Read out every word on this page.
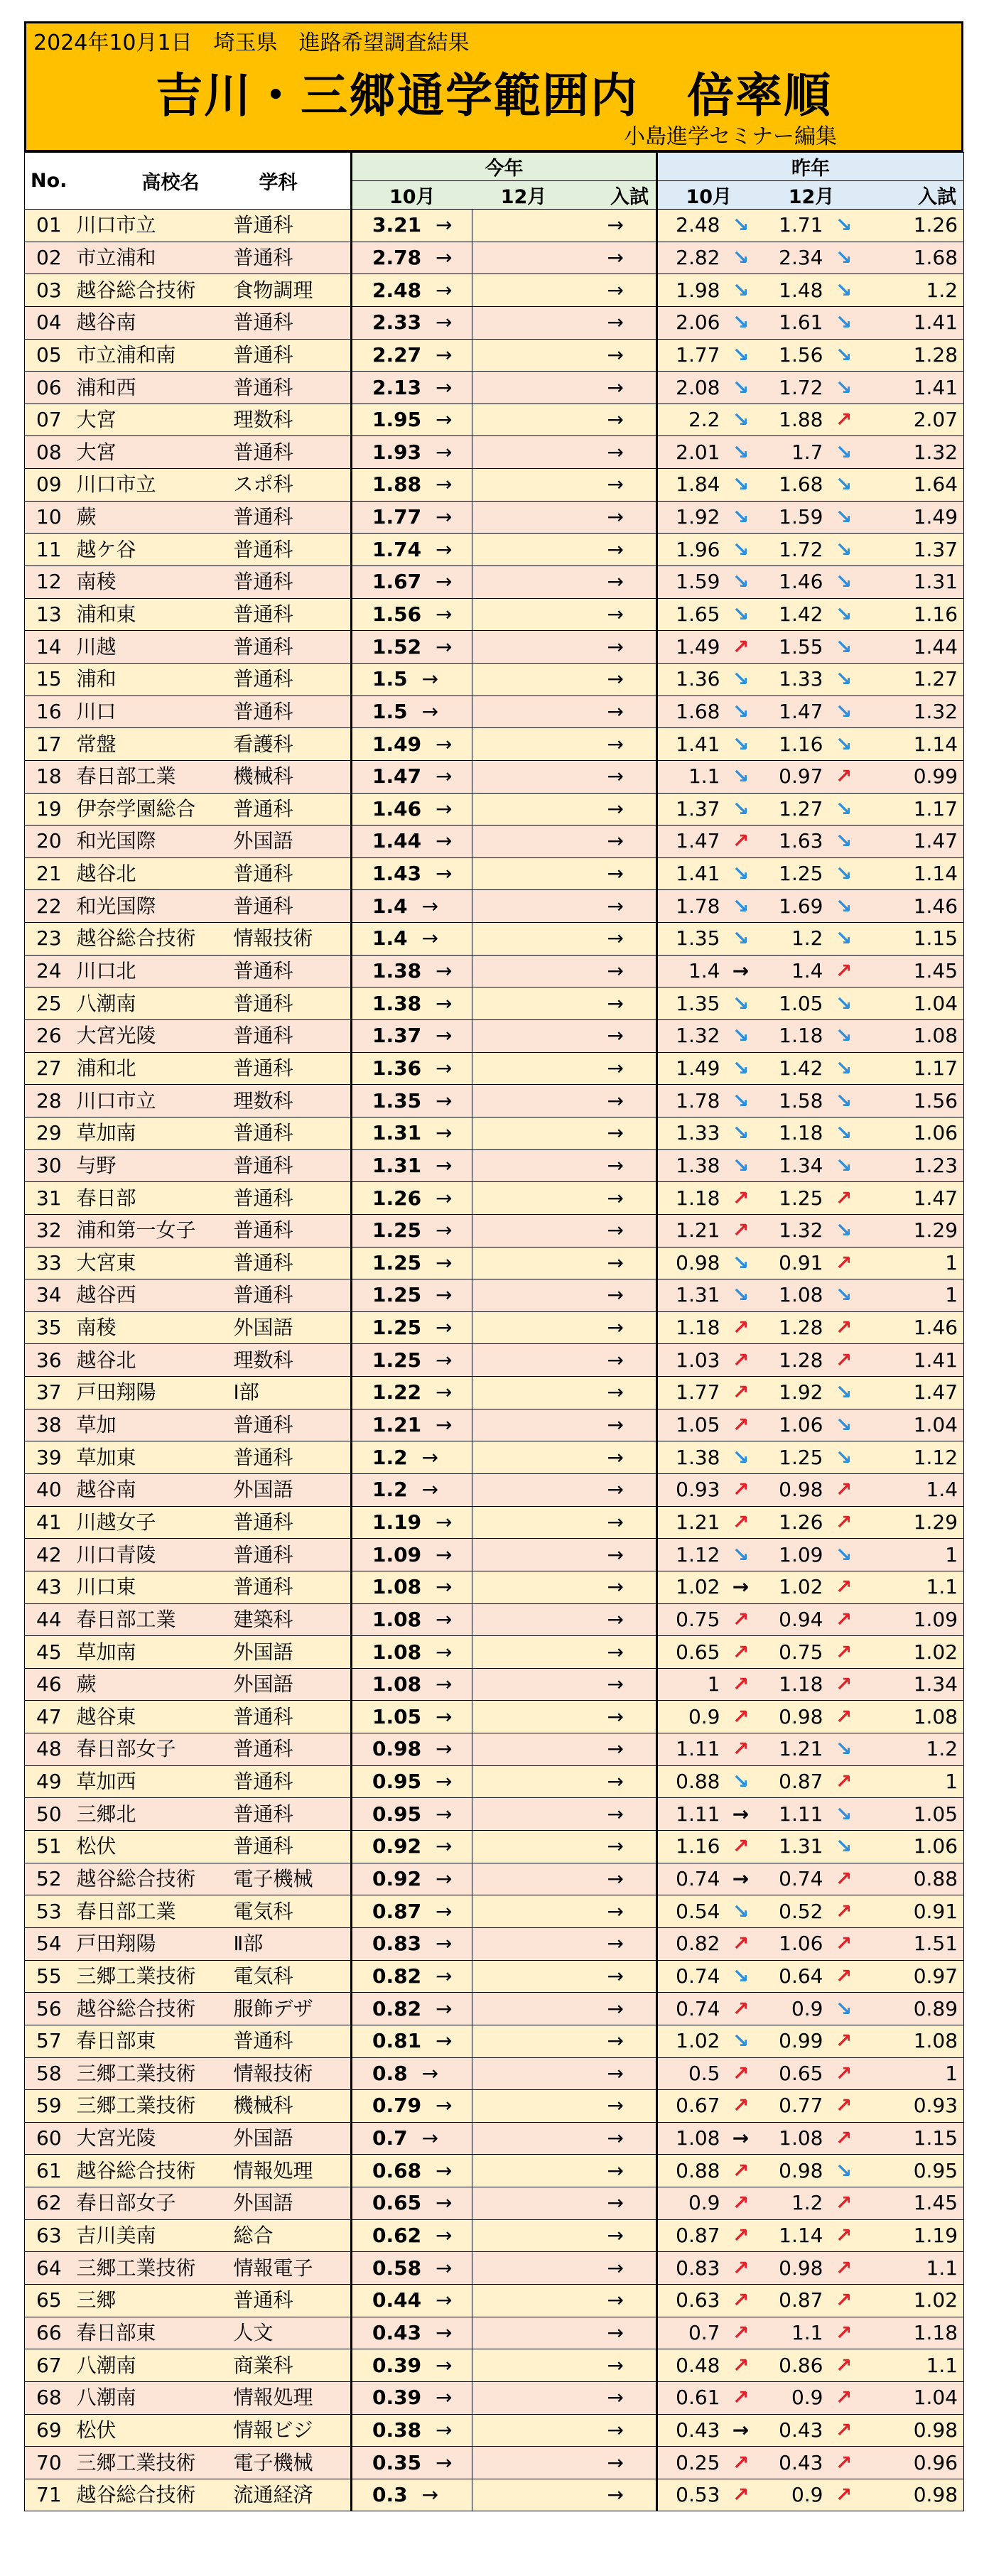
2024年10月1日　埼玉県　進路希望調査結果
吉川・三郷通学範囲内　倍率順
小島進学セミナー編集
No.	高校名	学科	今年			昨年		
			10月	12月	入試	10月	12月	入試
01	川口市立	普通科	3.21 →		→	2.48 ↘	1.71 ↘	1.26
02	市立浦和	普通科	2.78 →		→	2.82 ↘	2.34 ↘	1.68
03	越谷総合技術	食物調理	2.48 →		→	1.98 ↘	1.48 ↘	1.2
04	越谷南	普通科	2.33 →		→	2.06 ↘	1.61 ↘	1.41
05	市立浦和南	普通科	2.27 →		→	1.77 ↘	1.56 ↘	1.28
06	浦和西	普通科	2.13 →		→	2.08 ↘	1.72 ↘	1.41
07	大宮	理数科	1.95 →		→	2.2 ↘	1.88 ↗	2.07
08	大宮	普通科	1.93 →		→	2.01 ↘	1.7 ↘	1.32
09	川口市立	スポ科	1.88 →		→	1.84 ↘	1.68 ↘	1.64
10	蕨	普通科	1.77 →		→	1.92 ↘	1.59 ↘	1.49
11	越ケ谷	普通科	1.74 →		→	1.96 ↘	1.72 ↘	1.37
12	南稜	普通科	1.67 →		→	1.59 ↘	1.46 ↘	1.31
13	浦和東	普通科	1.56 →		→	1.65 ↘	1.42 ↘	1.16
14	川越	普通科	1.52 →		→	1.49 ↗	1.55 ↘	1.44
15	浦和	普通科	1.5 →		→	1.36 ↘	1.33 ↘	1.27
16	川口	普通科	1.5 →		→	1.68 ↘	1.47 ↘	1.32
17	常盤	看護科	1.49 →		→	1.41 ↘	1.16 ↘	1.14
18	春日部工業	機械科	1.47 →		→	1.1 ↘	0.97 ↗	0.99
19	伊奈学園総合	普通科	1.46 →		→	1.37 ↘	1.27 ↘	1.17
20	和光国際	外国語	1.44 →		→	1.47 ↗	1.63 ↘	1.47
21	越谷北	普通科	1.43 →		→	1.41 ↘	1.25 ↘	1.14
22	和光国際	普通科	1.4 →		→	1.78 ↘	1.69 ↘	1.46
23	越谷総合技術	情報技術	1.4 →		→	1.35 ↘	1.2 ↘	1.15
24	川口北	普通科	1.38 →		→	1.4 →	1.4 ↗	1.45
25	八潮南	普通科	1.38 →		→	1.35 ↘	1.05 ↘	1.04
26	大宮光陵	普通科	1.37 →		→	1.32 ↘	1.18 ↘	1.08
27	浦和北	普通科	1.36 →		→	1.49 ↘	1.42 ↘	1.17
28	川口市立	理数科	1.35 →		→	1.78 ↘	1.58 ↘	1.56
29	草加南	普通科	1.31 →		→	1.33 ↘	1.18 ↘	1.06
30	与野	普通科	1.31 →		→	1.38 ↘	1.34 ↘	1.23
31	春日部	普通科	1.26 →		→	1.18 ↗	1.25 ↗	1.47
32	浦和第一女子	普通科	1.25 →		→	1.21 ↗	1.32 ↘	1.29
33	大宮東	普通科	1.25 →		→	0.98 ↘	0.91 ↗	1
34	越谷西	普通科	1.25 →		→	1.31 ↘	1.08 ↘	1
35	南稜	外国語	1.25 →		→	1.18 ↗	1.28 ↗	1.46
36	越谷北	理数科	1.25 →		→	1.03 ↗	1.28 ↗	1.41
37	戸田翔陽	Ⅰ部	1.22 →		→	1.77 ↗	1.92 ↘	1.47
38	草加	普通科	1.21 →		→	1.05 ↗	1.06 ↘	1.04
39	草加東	普通科	1.2 →		→	1.38 ↘	1.25 ↘	1.12
40	越谷南	外国語	1.2 →		→	0.93 ↗	0.98 ↗	1.4
41	川越女子	普通科	1.19 →		→	1.21 ↗	1.26 ↗	1.29
42	川口青陵	普通科	1.09 →		→	1.12 ↘	1.09 ↘	1
43	川口東	普通科	1.08 →		→	1.02 →	1.02 ↗	1.1
44	春日部工業	建築科	1.08 →		→	0.75 ↗	0.94 ↗	1.09
45	草加南	外国語	1.08 →		→	0.65 ↗	0.75 ↗	1.02
46	蕨	外国語	1.08 →		→	1 ↗	1.18 ↗	1.34
47	越谷東	普通科	1.05 →		→	0.9 ↗	0.98 ↗	1.08
48	春日部女子	普通科	0.98 →		→	1.11 ↗	1.21 ↘	1.2
49	草加西	普通科	0.95 →		→	0.88 ↘	0.87 ↗	1
50	三郷北	普通科	0.95 →		→	1.11 →	1.11 ↘	1.05
51	松伏	普通科	0.92 →		→	1.16 ↗	1.31 ↘	1.06
52	越谷総合技術	電子機械	0.92 →		→	0.74 →	0.74 ↗	0.88
53	春日部工業	電気科	0.87 →		→	0.54 ↘	0.52 ↗	0.91
54	戸田翔陽	Ⅱ部	0.83 →		→	0.82 ↗	1.06 ↗	1.51
55	三郷工業技術	電気科	0.82 →		→	0.74 ↘	0.64 ↗	0.97
56	越谷総合技術	服飾デザ	0.82 →		→	0.74 ↗	0.9 ↘	0.89
57	春日部東	普通科	0.81 →		→	1.02 ↘	0.99 ↗	1.08
58	三郷工業技術	情報技術	0.8 →		→	0.5 ↗	0.65 ↗	1
59	三郷工業技術	機械科	0.79 →		→	0.67 ↗	0.77 ↗	0.93
60	大宮光陵	外国語	0.7 →		→	1.08 →	1.08 ↗	1.15
61	越谷総合技術	情報処理	0.68 →		→	0.88 ↗	0.98 ↘	0.95
62	春日部女子	外国語	0.65 →		→	0.9 ↗	1.2 ↗	1.45
63	吉川美南	総合	0.62 →		→	0.87 ↗	1.14 ↗	1.19
64	三郷工業技術	情報電子	0.58 →		→	0.83 ↗	0.98 ↗	1.1
65	三郷	普通科	0.44 →		→	0.63 ↗	0.87 ↗	1.02
66	春日部東	人文	0.43 →		→	0.7 ↗	1.1 ↗	1.18
67	八潮南	商業科	0.39 →		→	0.48 ↗	0.86 ↗	1.1
68	八潮南	情報処理	0.39 →		→	0.61 ↗	0.9 ↗	1.04
69	松伏	情報ビジ	0.38 →		→	0.43 →	0.43 ↗	0.98
70	三郷工業技術	電子機械	0.35 →		→	0.25 ↗	0.43 ↗	0.96
71	越谷総合技術	流通経済	0.3 →		→	0.53 ↗	0.9 ↗	0.98
